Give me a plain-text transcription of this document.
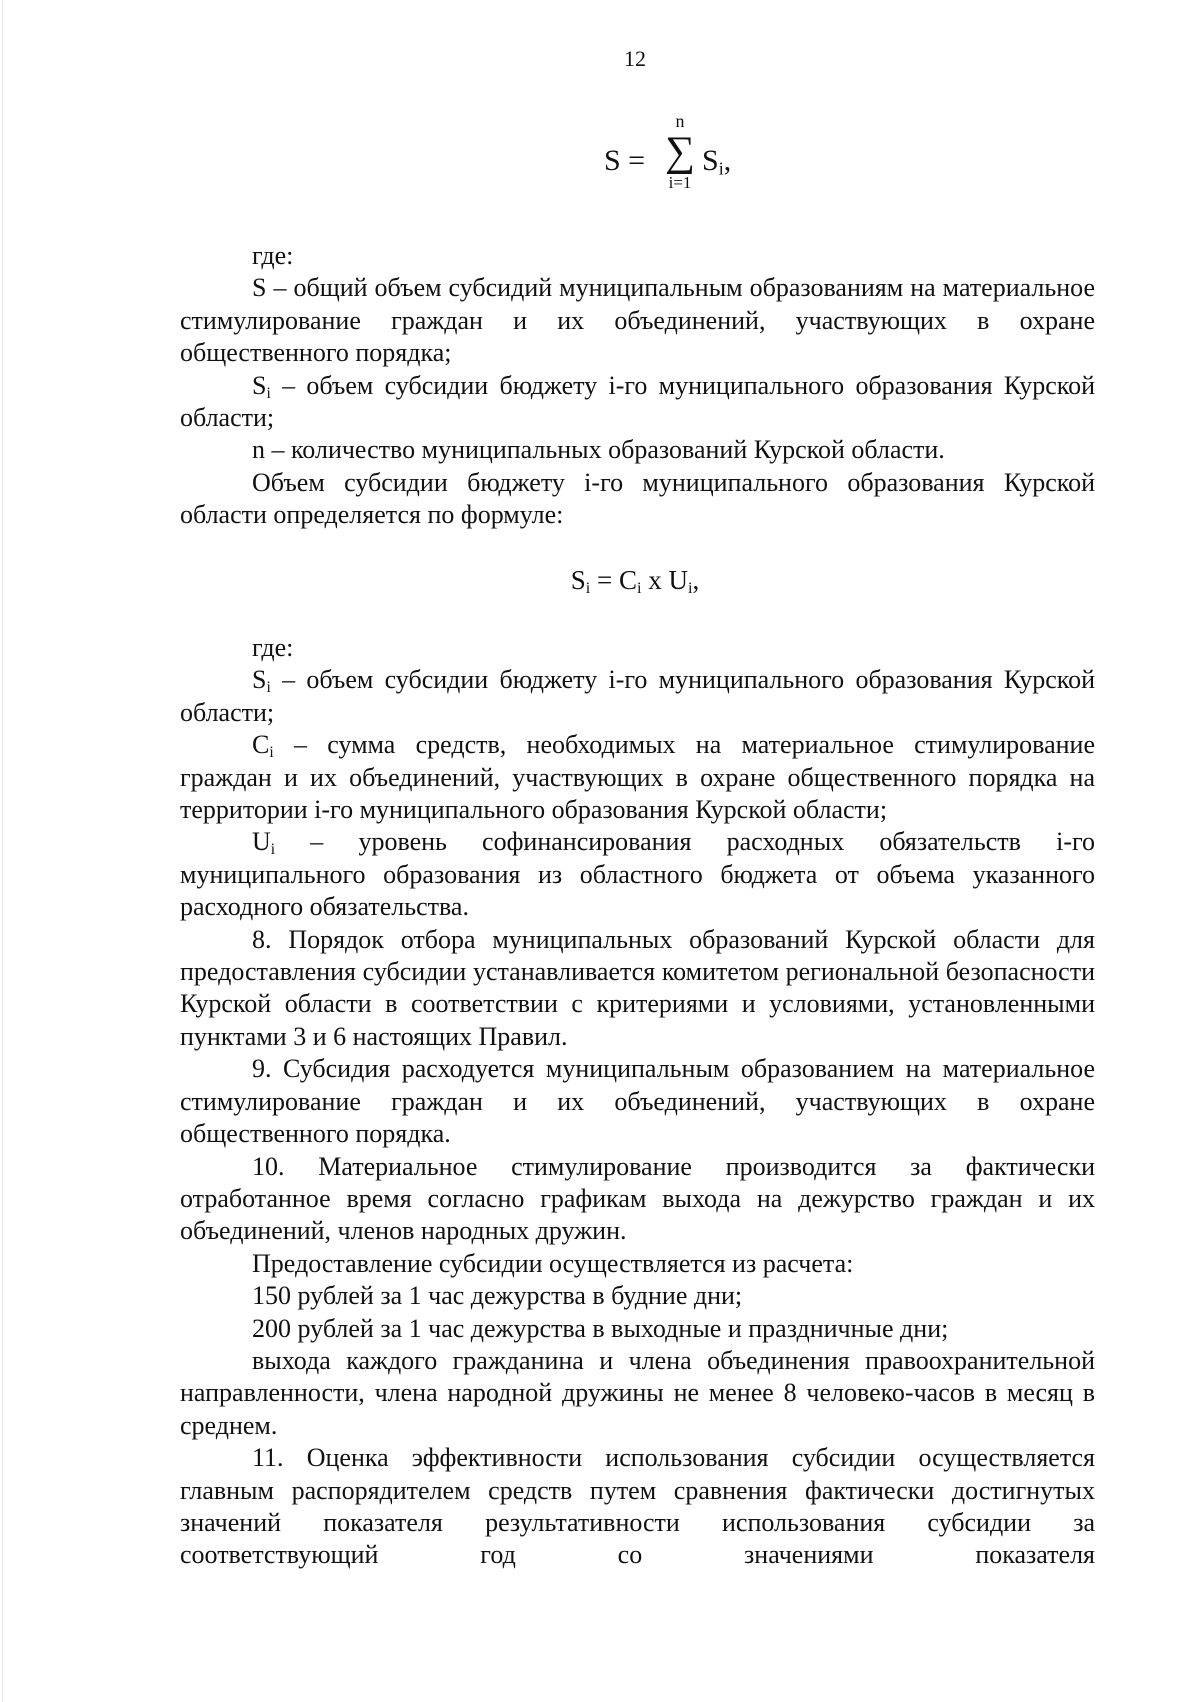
12
S =
n
∑
i=1
$S_i$,

где:

S – общий объем субсидий муниципальным образованиям на материальное стимулирование граждан и их объединений, участвующих в охране общественного порядка;

$S_i$ – объем субсидии бюджету i-го муниципального образования Курской области;

n – количество муниципальных образований Курской области.

Объем субсидии бюджету i-го муниципального образования Курской области определяется по формуле:

$S_i = C_i$ x $U_i$,

где:

$S_i$ – объем субсидии бюджету i-го муниципального образования Курской области;

$C_i$ – сумма средств, необходимых на материальное стимулирование граждан и их объединений, участвующих в охране общественного порядка на территории i-го муниципального образования Курской области;

$U_i$ – уровень софинансирования расходных обязательств i-го муниципального образования из областного бюджета от объема указанного расходного обязательства.

8. Порядок отбора муниципальных образований Курской области для предоставления субсидии устанавливается комитетом региональной безопасности Курской области в соответствии с критериями и условиями, установленными пунктами 3 и 6 настоящих Правил.

9. Субсидия расходуется муниципальным образованием на материальное стимулирование граждан и их объединений, участвующих в охране общественного порядка.

10. Материальное стимулирование производится за фактически отработанное время согласно графикам выхода на дежурство граждан и их объединений, членов народных дружин.

Предоставление субсидии осуществляется из расчета:

150 рублей за 1 час дежурства в будние дни;

200 рублей за 1 час дежурства в выходные и праздничные дни;

выхода каждого гражданина и члена объединения правоохранительной направленности, члена народной дружины не менее 8 человеко-часов в месяц в среднем.

11. Оценка эффективности использования субсидии осуществляется главным распорядителем средств путем сравнения фактически достигнутых значений показателя результативности использования субсидии за соответствующий год со значениями показателя
